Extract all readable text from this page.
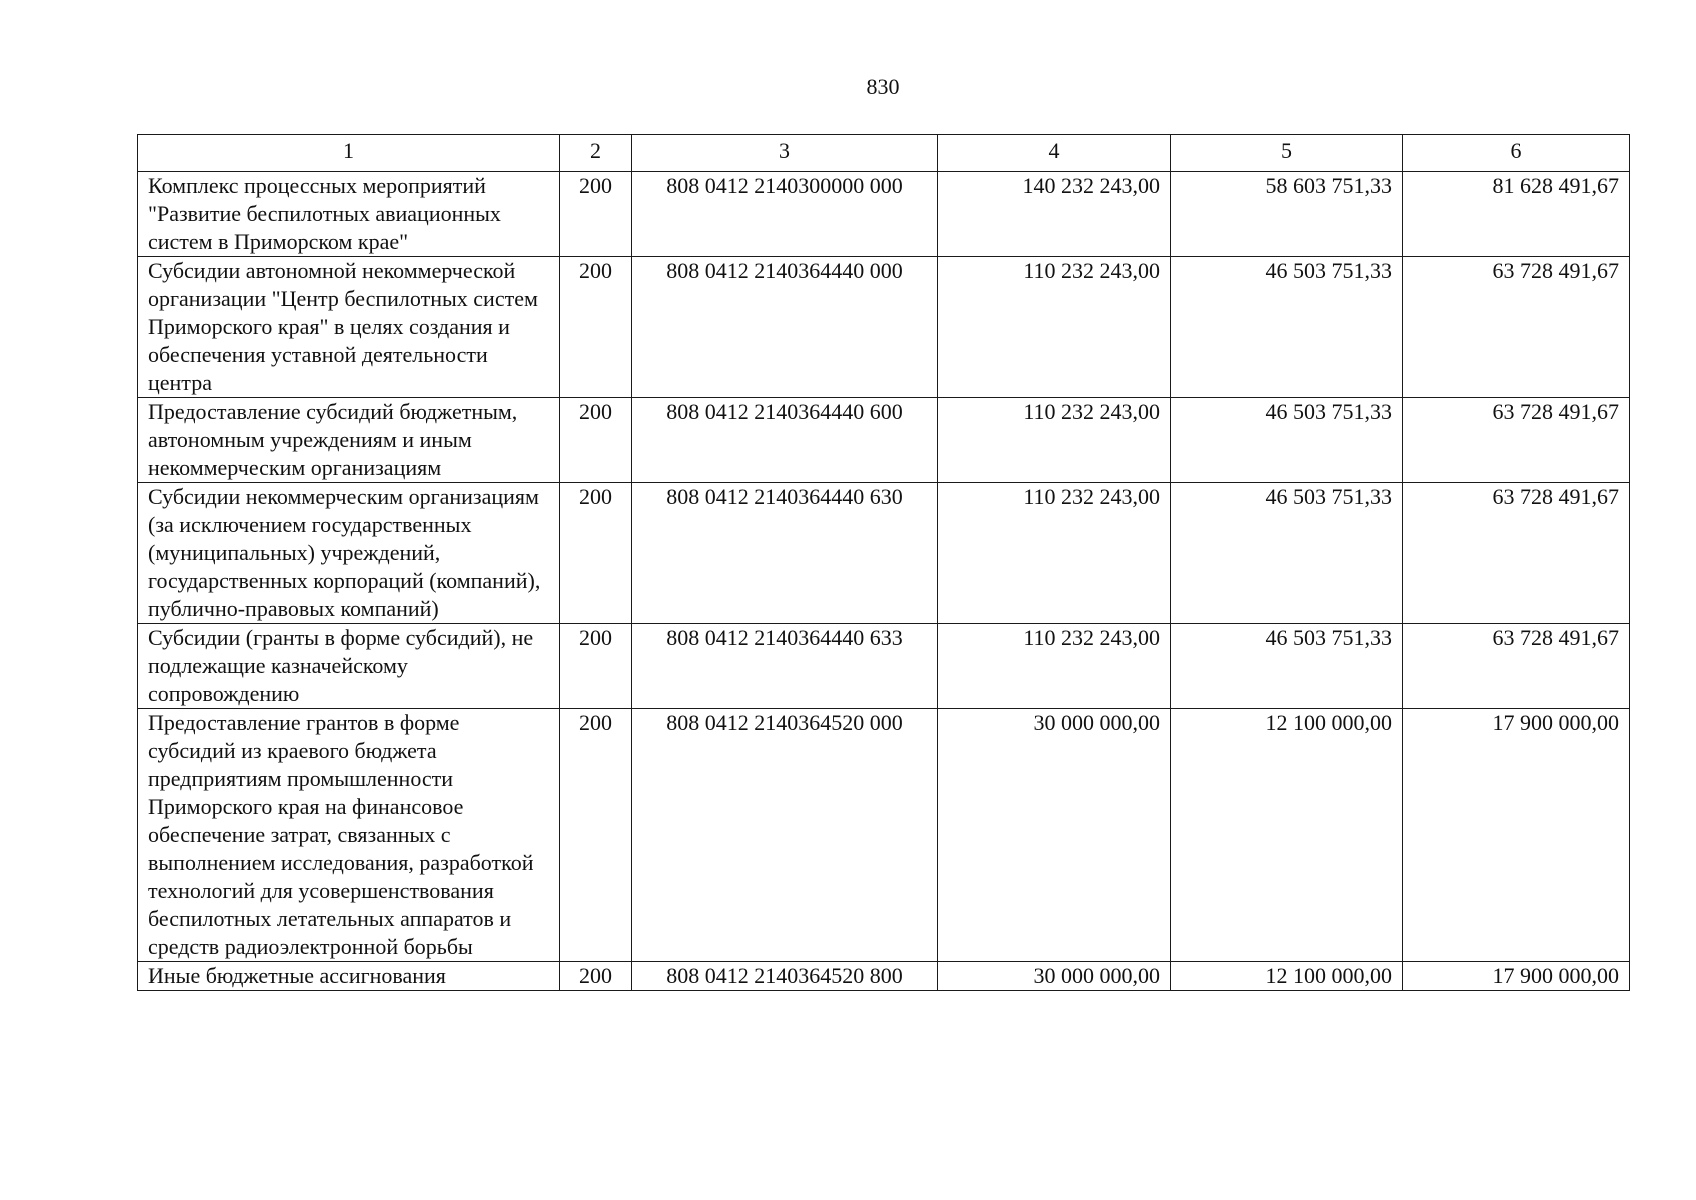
830
1	2	3	4	5	6
Комплекс процессных мероприятий "Развитие беспилотных авиационных систем в Приморском крае"	200	808 0412 2140300000 000	140 232 243,00	58 603 751,33	81 628 491,67
Субсидии автономной некоммерческой организации "Центр беспилотных систем Приморского края" в целях создания и обеспечения уставной деятельности центра	200	808 0412 2140364440 000	110 232 243,00	46 503 751,33	63 728 491,67
Предоставление субсидий бюджетным, автономным учреждениям и иным некоммерческим организациям	200	808 0412 2140364440 600	110 232 243,00	46 503 751,33	63 728 491,67
Субсидии некоммерческим организациям (за исключением государственных (муниципальных) учреждений, государственных корпораций (компаний), публично-правовых компаний)	200	808 0412 2140364440 630	110 232 243,00	46 503 751,33	63 728 491,67
Субсидии (гранты в форме субсидий), не подлежащие казначейскому сопровождению	200	808 0412 2140364440 633	110 232 243,00	46 503 751,33	63 728 491,67
Предоставление грантов в форме субсидий из краевого бюджета предприятиям промышленности Приморского края на финансовое обеспечение затрат, связанных с выполнением исследования, разработкой технологий для усовершенствования беспилотных летательных аппаратов и средств радиоэлектронной борьбы	200	808 0412 2140364520 000	30 000 000,00	12 100 000,00	17 900 000,00
Иные бюджетные ассигнования	200	808 0412 2140364520 800	30 000 000,00	12 100 000,00	17 900 000,00
